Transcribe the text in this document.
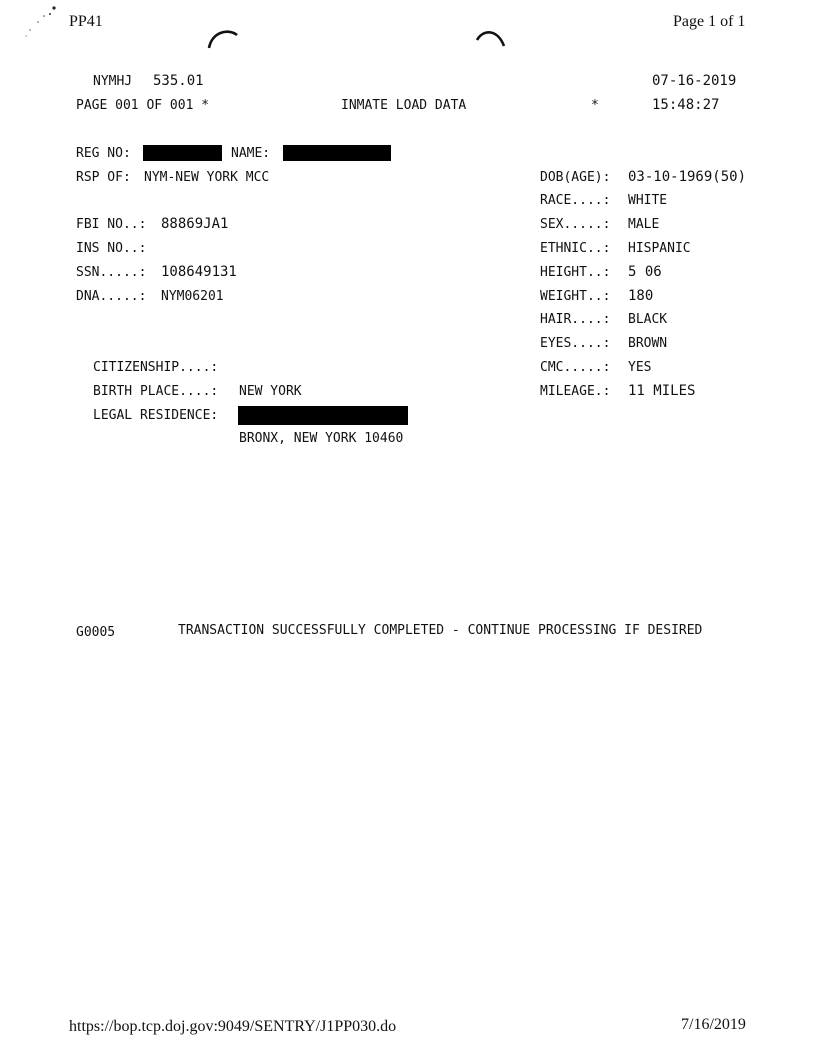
PP41	Page 1 of 1
NYMHJ 535.01	07-16-2019
PAGE 001 OF 001 *	INMATE LOAD DATA	*	15:48:27
REG NO:	NAME:
RSP OF: NYM-NEW YORK MCC
FBI NO..: 88869JA1
INS NO..:
SSN.....: 108649131
DNA.....: NYM06201
CITIZENSHIP....:
BIRTH PLACE....: NEW YORK
LEGAL RESIDENCE:
BRONX, NEW YORK 10460
DOB(AGE): 03-10-1969(50)
RACE....: WHITE
SEX.....: MALE
ETHNIC..: HISPANIC
HEIGHT..: 5 06
WEIGHT..: 180
HAIR....: BLACK
EYES....: BROWN
CMC.....: YES
MILEAGE.: 11 MILES
G0005	TRANSACTION SUCCESSFULLY COMPLETED - CONTINUE PROCESSING IF DESIRED
https://bop.tcp.doj.gov:9049/SENTRY/J1PP030.do	7/16/2019
